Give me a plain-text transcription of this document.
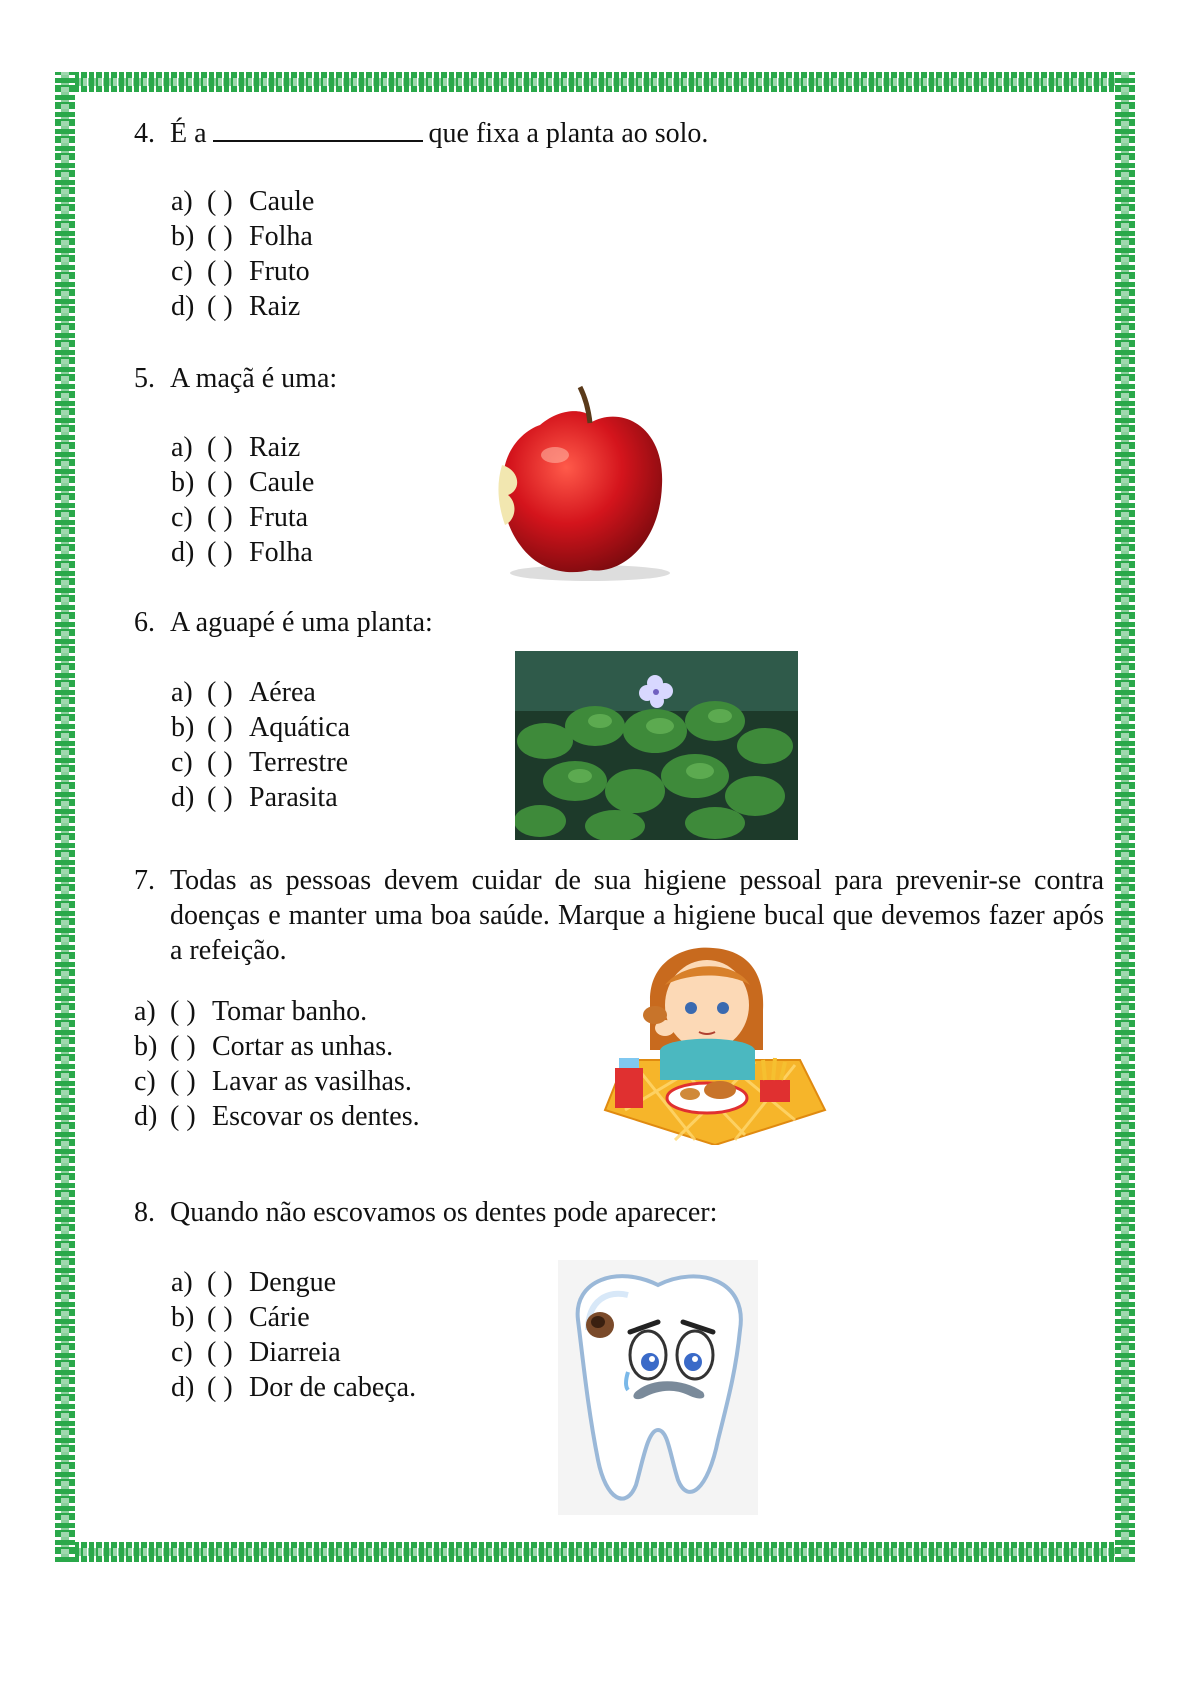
4. É a	que fixa a planta ao solo.
a) ( ) Caule
b) ( ) Folha
c) ( ) Fruto
d) ( ) Raiz
5. A maçã é uma:
a) ( ) Raiz
b) ( ) Caule
c) ( ) Fruta
d) ( ) Folha
6. A aguapé é uma planta:
a) ( ) Aérea
b) ( ) Aquática
c) ( ) Terrestre
d) ( ) Parasita
7. Todas as pessoas devem cuidar de sua higiene pessoal para prevenir-se contra doenças e manter uma boa saúde. Marque a higiene bucal que devemos fazer após a refeição.
a) ( ) Tomar banho.
b) ( ) Cortar as unhas.
c) ( ) Lavar as vasilhas.
d) ( ) Escovar os dentes.
8. Quando não escovamos os dentes pode aparecer:
a) ( ) Dengue
b) ( ) Cárie
c) ( ) Diarreia
d) ( ) Dor de cabeça.
